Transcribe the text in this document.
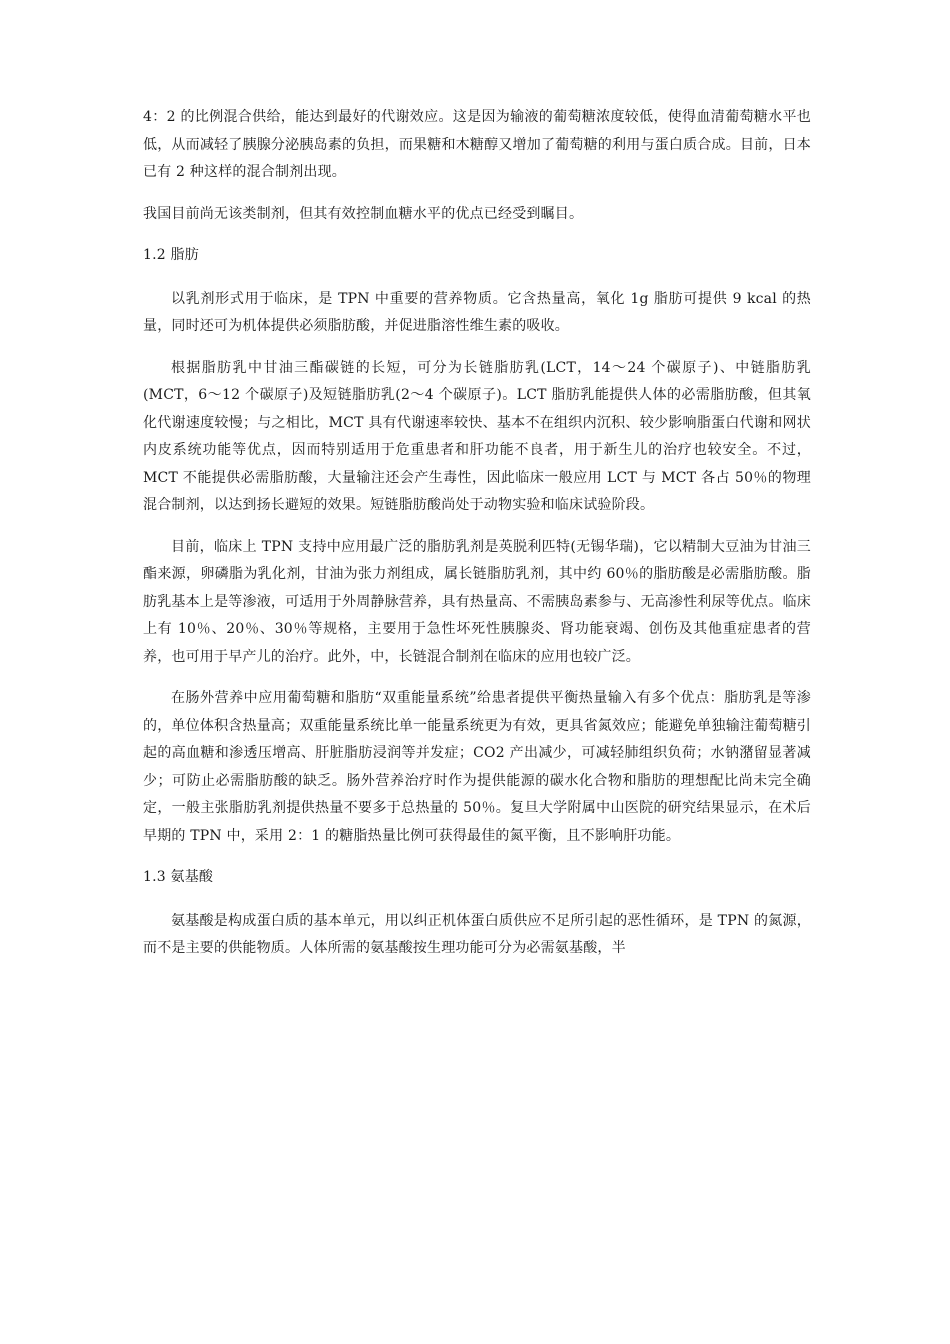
4：2 的比例混合供给，能达到最好的代谢效应。这是因为输液的葡萄糖浓度较低，使得血清葡萄糖水平也低，从而减轻了胰腺分泌胰岛素的负担，而果糖和木糖醇又增加了葡萄糖的利用与蛋白质合成。目前，日本已有 2 种这样的混合制剂出现。

我国目前尚无该类制剂，但其有效控制血糖水平的优点已经受到瞩目。

1.2 脂肪

以乳剂形式用于临床，是 TPN 中重要的营养物质。它含热量高，氧化 1g 脂肪可提供 9 kcal 的热量，同时还可为机体提供必须脂肪酸，并促进脂溶性维生素的吸收。

根据脂肪乳中甘油三酯碳链的长短，可分为长链脂肪乳(LCT，14～24 个碳原子)、中链脂肪乳(MCT，6～12 个碳原子)及短链脂肪乳(2～4 个碳原子)。LCT 脂肪乳能提供人体的必需脂肪酸，但其氧化代谢速度较慢；与之相比，MCT 具有代谢速率较快、基本不在组织内沉积、较少影响脂蛋白代谢和网状内皮系统功能等优点，因而特别适用于危重患者和肝功能不良者，用于新生儿的治疗也较安全。不过，MCT 不能提供必需脂肪酸，大量输注还会产生毒性，因此临床一般应用 LCT 与 MCT 各占 50％的物理混合制剂，以达到扬长避短的效果。短链脂肪酸尚处于动物实验和临床试验阶段。

目前，临床上 TPN 支持中应用最广泛的脂肪乳剂是英脱利匹特(无锡华瑞)，它以精制大豆油为甘油三酯来源，卵磷脂为乳化剂，甘油为张力剂组成，属长链脂肪乳剂，其中约 60％的脂肪酸是必需脂肪酸。脂肪乳基本上是等渗液，可适用于外周静脉营养，具有热量高、不需胰岛素参与、无高渗性利尿等优点。临床上有 10％、20％、30％等规格，主要用于急性坏死性胰腺炎、肾功能衰竭、创伤及其他重症患者的营养，也可用于早产儿的治疗。此外，中，长链混合制剂在临床的应用也较广泛。

在肠外营养中应用葡萄糖和脂肪“双重能量系统”给患者提供平衡热量输入有多个优点：脂肪乳是等渗的，单位体积含热量高；双重能量系统比单一能量系统更为有效，更具省氮效应；能避免单独输注葡萄糖引起的高血糖和渗透压增高、肝脏脂肪浸润等并发症；CO2 产出减少，可减轻肺组织负荷；水钠潴留显著减少；可防止必需脂肪酸的缺乏。肠外营养治疗时作为提供能源的碳水化合物和脂肪的理想配比尚未完全确定，一般主张脂肪乳剂提供热量不要多于总热量的 50％。复旦大学附属中山医院的研究结果显示，在术后早期的 TPN 中，采用 2：1 的糖脂热量比例可获得最佳的氮平衡，且不影响肝功能。

1.3 氨基酸

氨基酸是构成蛋白质的基本单元，用以纠正机体蛋白质供应不足所引起的恶性循环，是 TPN 的氮源，而不是主要的供能物质。人体所需的氨基酸按生理功能可分为必需氨基酸，半
